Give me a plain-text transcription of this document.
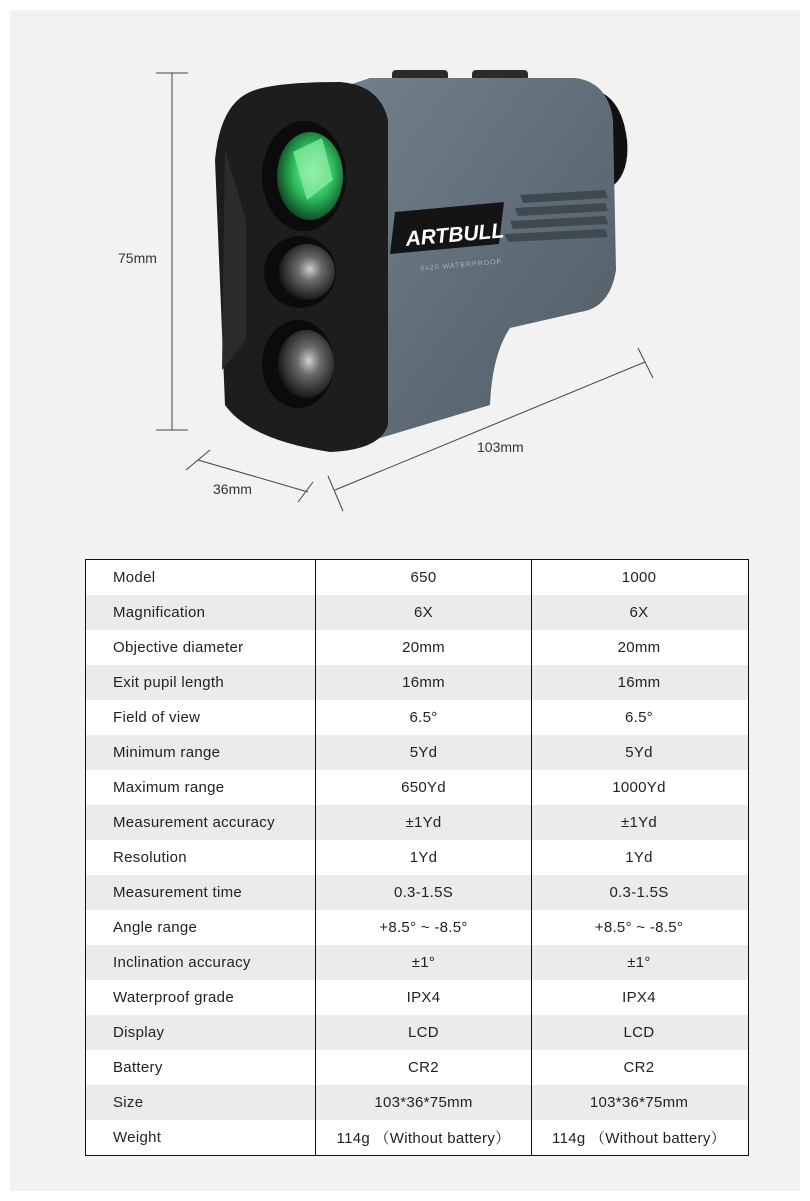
ARTBULL
6x20 WATERPROOF
75mm
103mm
36mm
Model	650	1000
Magnification	6X	6X
Objective diameter	20mm	20mm
Exit pupil length	16mm	16mm
Field of view	6.5°	6.5°
Minimum range	5Yd	5Yd
Maximum range	650Yd	1000Yd
Measurement accuracy	±1Yd	±1Yd
Resolution	1Yd	1Yd
Measurement time	0.3-1.5S	0.3-1.5S
Angle range	+8.5° ~ -8.5°	+8.5° ~ -8.5°
Inclination accuracy	±1°	±1°
Waterproof grade	IPX4	IPX4
Display	LCD	LCD
Battery	CR2	CR2
Size	103*36*75mm	103*36*75mm
Weight	114g （Without battery）	114g （Without battery）
